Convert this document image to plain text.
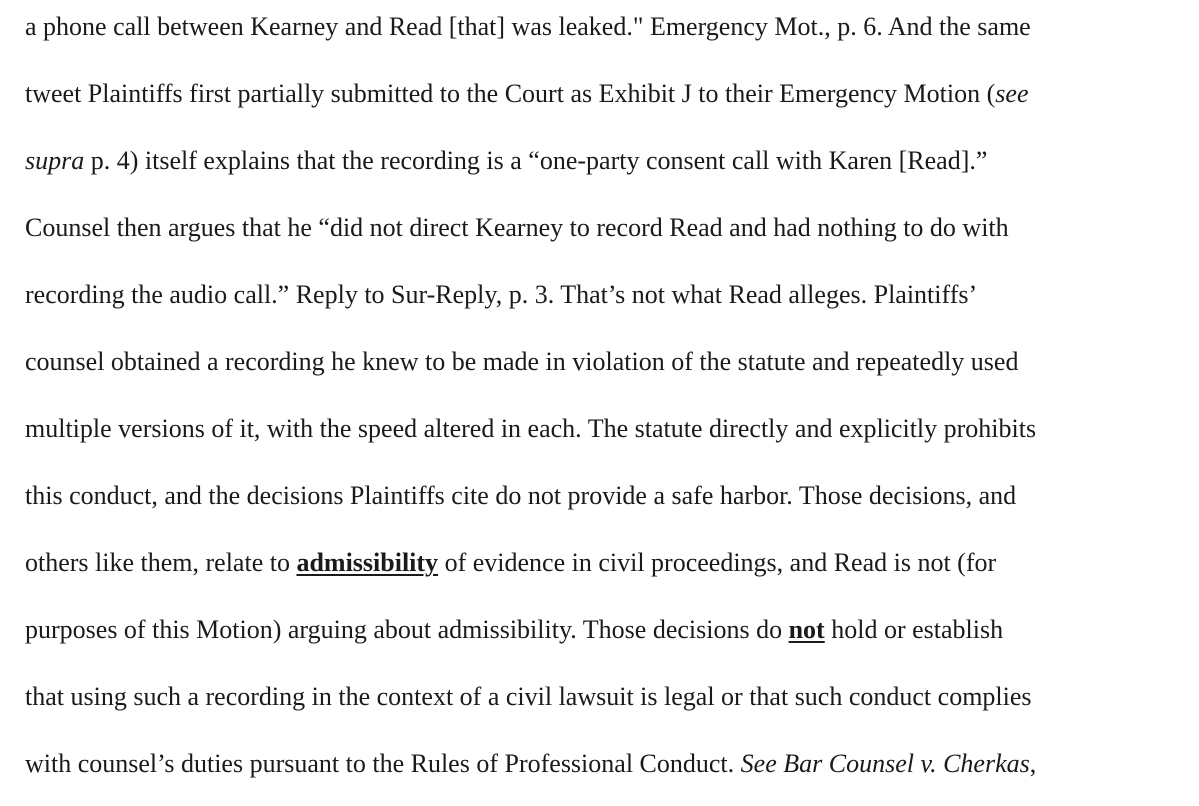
a phone call between Kearney and Read [that] was leaked." Emergency Mot., p. 6. And the same
tweet Plaintiffs first partially submitted to the Court as Exhibit J to their Emergency Motion (see
supra p. 4) itself explains that the recording is a “one-party consent call with Karen [Read].”
Counsel then argues that he “did not direct Kearney to record Read and had nothing to do with
recording the audio call.” Reply to Sur-Reply, p. 3. That’s not what Read alleges. Plaintiffs’
counsel obtained a recording he knew to be made in violation of the statute and repeatedly used
multiple versions of it, with the speed altered in each. The statute directly and explicitly prohibits
this conduct, and the decisions Plaintiffs cite do not provide a safe harbor. Those decisions, and
others like them, relate to admissibility of evidence in civil proceedings, and Read is not (for
purposes of this Motion) arguing about admissibility. Those decisions do not hold or establish
that using such a recording in the context of a civil lawsuit is legal or that such conduct complies
with counsel’s duties pursuant to the Rules of Professional Conduct. See Bar Counsel v. Cherkas,
